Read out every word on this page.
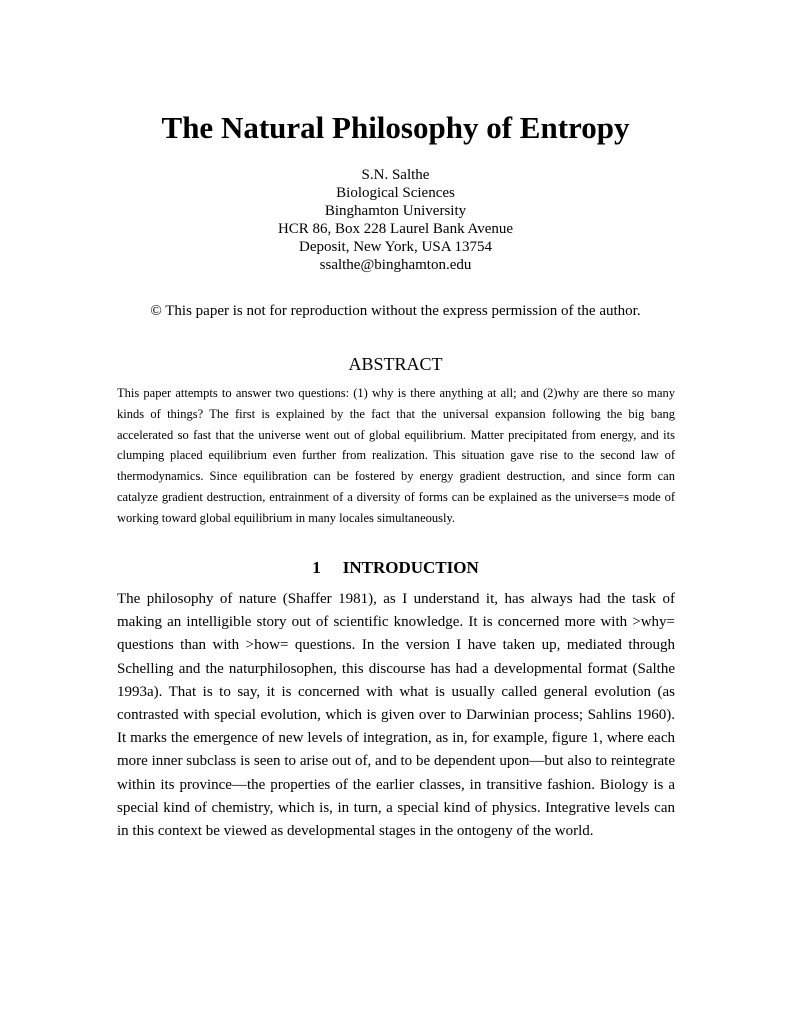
The Natural Philosophy of Entropy
S.N. Salthe
Biological Sciences
Binghamton University
HCR 86, Box 228 Laurel Bank Avenue
Deposit, New York, USA 13754
ssalthe@binghamton.edu
© This paper is not for reproduction without the express permission of the author.
ABSTRACT

This paper attempts to answer two questions: (1) why is there anything at all; and (2)why are there so many kinds of things? The first is explained by the fact that the universal expansion following the big bang accelerated so fast that the universe went out of global equilibrium. Matter precipitated from energy, and its clumping placed equilibrium even further from realization. This situation gave rise to the second law of thermodynamics. Since equilibration can be fostered by energy gradient destruction, and since form can catalyze gradient destruction, entrainment of a diversity of forms can be explained as the universe=s mode of working toward global equilibrium in many locales simultaneously.

1 INTRODUCTION

The philosophy of nature (Shaffer 1981), as I understand it, has always had the task of making an intelligible story out of scientific knowledge. It is concerned more with >why= questions than with >how= questions. In the version I have taken up, mediated through Schelling and the naturphilosophen, this discourse has had a developmental format (Salthe 1993a). That is to say, it is concerned with what is usually called general evolution (as contrasted with special evolution, which is given over to Darwinian process; Sahlins 1960). It marks the emergence of new levels of integration, as in, for example, figure 1, where each more inner subclass is seen to arise out of, and to be dependent upon—but also to reintegrate within its province—the properties of the earlier classes, in transitive fashion. Biology is a special kind of chemistry, which is, in turn, a special kind of physics. Integrative levels can in this context be viewed as developmental stages in the ontogeny of the world.
